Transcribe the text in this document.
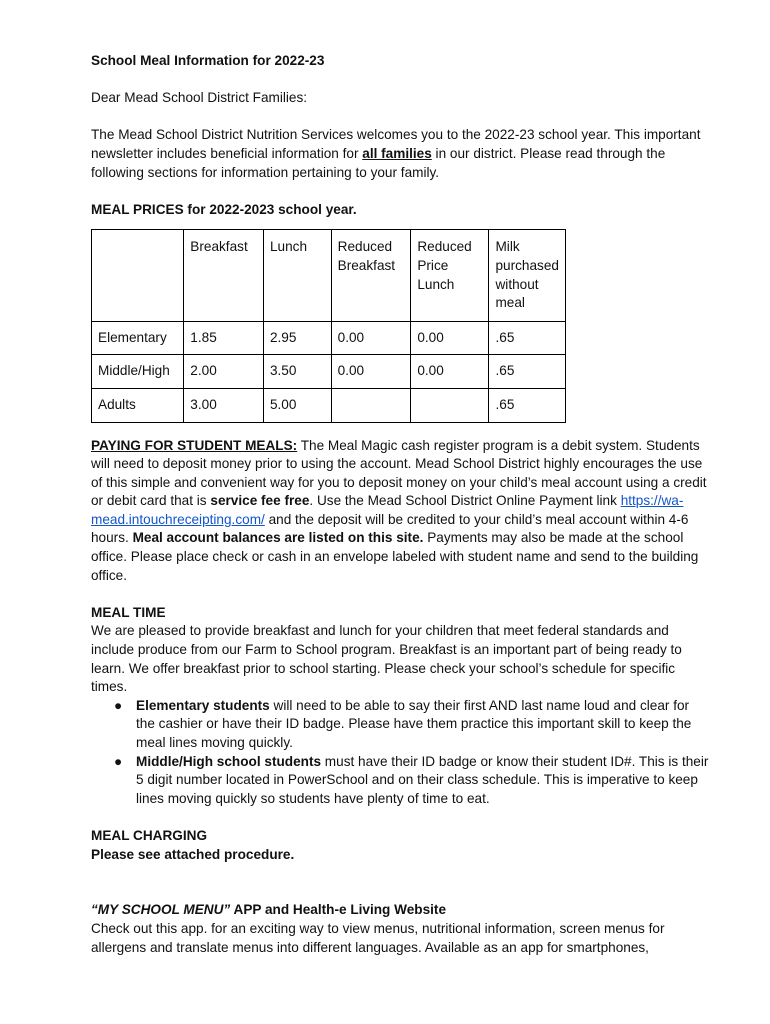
School Meal Information for 2022-23

Dear Mead School District Families:

The Mead School District Nutrition Services welcomes you to the 2022-23 school year. This important newsletter includes beneficial information for all families in our district. Please read through the following sections for information pertaining to your family.

MEAL PRICES for 2022-2023 school year.

	Breakfast	Lunch	Reduced Breakfast	Reduced Price Lunch	Milk purchased without meal
Elementary	1.85	2.95	0.00	0.00	.65
Middle/High	2.00	3.50	0.00	0.00	.65
Adults	3.00	5.00			.65

PAYING FOR STUDENT MEALS: The Meal Magic cash register program is a debit system. Students will need to deposit money prior to using the account. Mead School District highly encourages the use of this simple and convenient way for you to deposit money on your child’s meal account using a credit or debit card that is service fee free. Use the Mead School District Online Payment link https://wa-mead.intouchreceipting.com/ and the deposit will be credited to your child’s meal account within 4-6 hours. Meal account balances are listed on this site. Payments may also be made at the school office. Please place check or cash in an envelope labeled with student name and send to the building office.

MEAL TIME

We are pleased to provide breakfast and lunch for your children that meet federal standards and include produce from our Farm to School program. Breakfast is an important part of being ready to learn. We offer breakfast prior to school starting. Please check your school’s schedule for specific times.

● Elementary students will need to be able to say their first AND last name loud and clear for the cashier or have their ID badge. Please have them practice this important skill to keep the meal lines moving quickly.
● Middle/High school students must have their ID badge or know their student ID#. This is their 5 digit number located in PowerSchool and on their class schedule. This is imperative to keep lines moving quickly so students have plenty of time to eat.

MEAL CHARGING

Please see attached procedure.

“MY SCHOOL MENU” APP and Health-e Living Website

Check out this app. for an exciting way to view menus, nutritional information, screen menus for allergens and translate menus into different languages. Available as an app for smartphones,
